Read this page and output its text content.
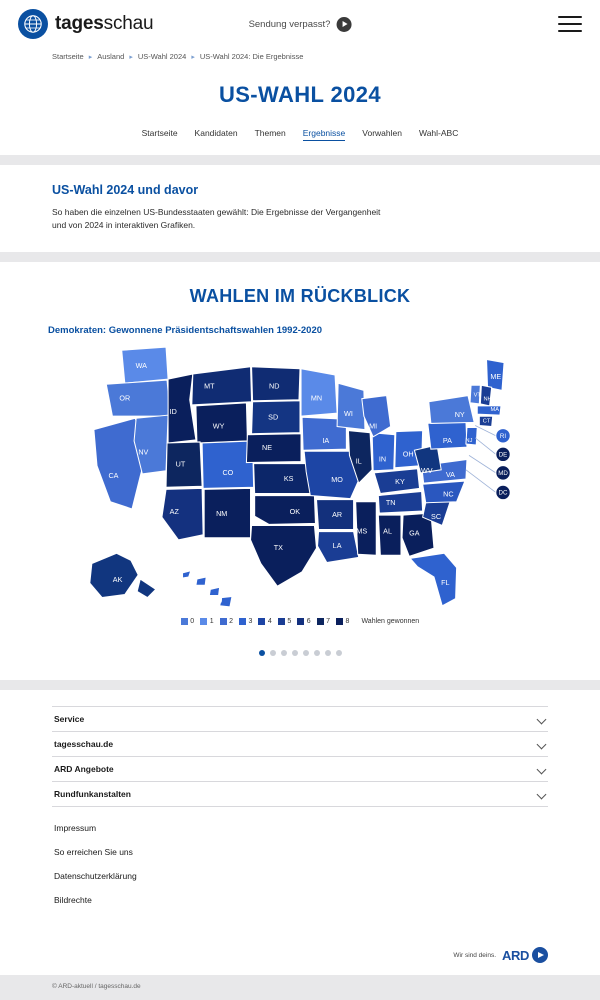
tagesschau	Sendung verpasst?
Startseite ▸ Ausland ▸ US-Wahl 2024 ▸ US-Wahl 2024: Die Ergebnisse
US-WAHL 2024
Startseite Kandidaten Themen Ergebnisse Vorwahlen Wahl-ABC
US-Wahl 2024 und davor

So haben die einzelnen US-Bundesstaaten gewählt: Die Ergebnisse der Vergangenheit und von 2024 in interaktiven Grafiken.

WAHLEN IM RÜCKBLICK
Demokraten: Gewonnene Präsidentschaftswahlen 1992-2020
WA
OR
CA
NV
ID
MT
WY
UT
AZ
CO
NM
ND
SD
NE
KS
OK
TX
MN
IA
MO
AR
LA
MS
WI
IL IN
MI
OH
KY
TN
AL GA
FL
SC
NC
VA
WV
PA
NY
ME
VT
NH
MA
CT
NJ
AK
HI
RI
DE
MD
DC
0 1 2 3 4 5 6 7 8 Wahlen gewonnen
Service
tagesschau.de
ARD Angebote
Rundfunkanstalten
Impressum
So erreichen Sie uns
Datenschutzerklärung
Bildrechte
Wir sind deins. ARD
© ARD-aktuell / tagesschau.de
